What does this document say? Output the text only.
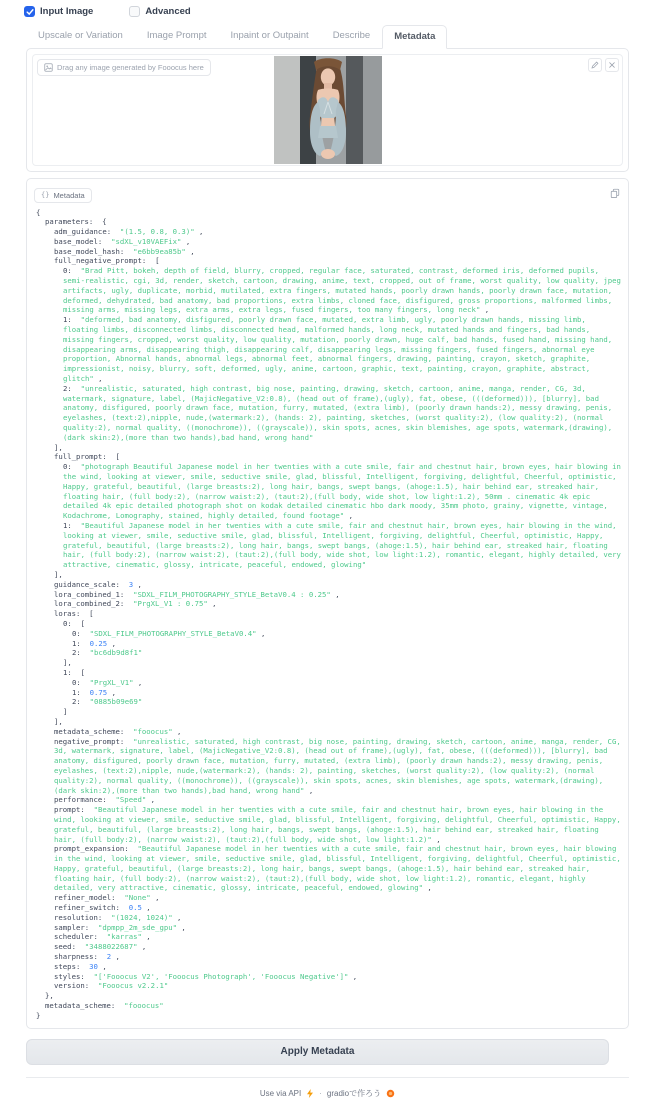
Input Image	Advanced
Upscale or Variation	Image Prompt	Inpaint or Outpaint	Describe	Metadata
Drag any image generated by Fooocus here
{} Metadata
{
parameters: {
adm_guidance: "(1.5, 0.8, 0.3)" ,
base_model: "sdXL_v10VAEFix" ,
base_model_hash: "e6bb9ea85b" ,
full_negative_prompt: [
0: "Brad Pitt, bokeh, depth of field, blurry, cropped, regular face, saturated, contrast, deformed iris, deformed pupils, semi-realistic, cgi, 3d, render, sketch, cartoon, drawing, anime, text, cropped, out of frame, worst quality, low quality, jpeg artifacts, ugly, duplicate, morbid, mutilated, extra fingers, mutated hands, poorly drawn hands, poorly drawn face, mutation, deformed, dehydrated, bad anatomy, bad proportions, extra limbs, cloned face, disfigured, gross proportions, malformed limbs, missing arms, missing legs, extra arms, extra legs, fused fingers, too many fingers, long neck" ,
1: "deformed, bad anatomy, disfigured, poorly drawn face, mutated, extra limb, ugly, poorly drawn hands, missing limb, floating limbs, disconnected limbs, disconnected head, malformed hands, long neck, mutated hands and fingers, bad hands, missing fingers, cropped, worst quality, low quality, mutation, poorly drawn, huge calf, bad hands, fused hand, missing hand, disappearing arms, disappearing thigh, disappearing calf, disappearing legs, missing fingers, fused fingers, abnormal eye proportion, Abnormal hands, abnormal legs, abnormal feet, abnormal fingers, drawing, painting, crayon, sketch, graphite, impressionist, noisy, blurry, soft, deformed, ugly, anime, cartoon, graphic, text, painting, crayon, graphite, abstract, glitch" ,
2: "unrealistic, saturated, high contrast, big nose, painting, drawing, sketch, cartoon, anime, manga, render, CG, 3d, watermark, signature, label, (MajicNegative_V2:0.8), (head out of frame),(ugly), fat, obese, (((deformed))), [blurry], bad anatomy, disfigured, poorly drawn face, mutation, furry, mutated, (extra limb), (poorly drawn hands:2), messy drawing, penis, eyelashes, (text:2),nipple, nude,(watermark:2), (hands: 2), painting, sketches, (worst quality:2), (low quality:2), (normal quality:2), normal quality, ((monochrome)), ((grayscale)), skin spots, acnes, skin blemishes, age spots, watermark,(drawing),(dark skin:2),(more than two hands),bad hand, wrong hand"
],
full_prompt: [
0: "photograph Beautiful Japanese model in her twenties with a cute smile, fair and chestnut hair, brown eyes, hair blowing in the wind, looking at viewer, smile, seductive smile, glad, blissful, Intelligent, forgiving, delightful, Cheerful, optimistic, Happy, grateful, beautiful, (large breasts:2), long hair, bangs, swept bangs, (ahoge:1.5), hair behind ear, streaked hair, floating hair, (full body:2), (narrow waist:2), (taut:2),(full body, wide shot, low light:1.2), 50mm . cinematic 4k epic detailed 4k epic detailed photograph shot on kodak detailed cinematic hbo dark moody, 35mm photo, grainy, vignette, vintage, Kodachrome, Lomography, stained, highly detailed, found footage" ,
1: "Beautiful Japanese model in her twenties with a cute smile, fair and chestnut hair, brown eyes, hair blowing in the wind, looking at viewer, smile, seductive smile, glad, blissful, Intelligent, forgiving, delightful, Cheerful, optimistic, Happy, grateful, beautiful, (large breasts:2), long hair, bangs, swept bangs, (ahoge:1.5), hair behind ear, streaked hair, floating hair, (full body:2), (narrow waist:2), (taut:2),(full body, wide shot, low light:1.2), romantic, elegant, highly detailed, very attractive, cinematic, glossy, intricate, peaceful, endowed, glowing"
],
guidance_scale: 3 ,
lora_combined_1: "SDXL_FILM_PHOTOGRAPHY_STYLE_BetaV0.4 : 0.25" ,
lora_combined_2: "PrgXL_V1 : 0.75" ,
loras: [
0: [
0: "SDXL_FILM_PHOTOGRAPHY_STYLE_BetaV0.4" ,
1: 0.25 ,
2: "bc6db9d8f1"
],
1: [
0: "PrgXL_V1" ,
1: 0.75 ,
2: "0885b09e69"
]
],
metadata_scheme: "fooocus" ,
negative_prompt: "unrealistic, saturated, high contrast, big nose, painting, drawing, sketch, cartoon, anime, manga, render, CG, 3d, watermark, signature, label, (MajicNegative_V2:0.8), (head out of frame),(ugly), fat, obese, (((deformed))), [blurry], bad anatomy, disfigured, poorly drawn face, mutation, furry, mutated, (extra limb), (poorly drawn hands:2), messy drawing, penis, eyelashes, (text:2),nipple, nude,(watermark:2), (hands: 2), painting, sketches, (worst quality:2), (low quality:2), (normal quality:2), normal quality, ((monochrome)), ((grayscale)), skin spots, acnes, skin blemishes, age spots, watermark,(drawing),(dark skin:2),(more than two hands),bad hand, wrong hand" ,
performance: "Speed" ,
prompt: "Beautiful Japanese model in her twenties with a cute smile, fair and chestnut hair, brown eyes, hair blowing in the wind, looking at viewer, smile, seductive smile, glad, blissful, Intelligent, forgiving, delightful, Cheerful, optimistic, Happy, grateful, beautiful, (large breasts:2), long hair, bangs, swept bangs, (ahoge:1.5), hair behind ear, streaked hair, floating hair, (full body:2), (narrow waist:2), (taut:2),(full body, wide shot, low light:1.2)" ,
prompt_expansion: "Beautiful Japanese model in her twenties with a cute smile, fair and chestnut hair, brown eyes, hair blowing in the wind, looking at viewer, smile, seductive smile, glad, blissful, Intelligent, forgiving, delightful, Cheerful, optimistic, Happy, grateful, beautiful, (large breasts:2), long hair, bangs, swept bangs, (ahoge:1.5), hair behind ear, streaked hair, floating hair, (full body:2), (narrow waist:2), (taut:2),(full body, wide shot, low light:1.2), romantic, elegant, highly detailed, very attractive, cinematic, glossy, intricate, peaceful, endowed, glowing" ,
refiner_model: "None" ,
refiner_switch: 0.5 ,
resolution: "(1024, 1024)" ,
sampler: "dpmpp_2m_sde_gpu" ,
scheduler: "karras" ,
seed: "3488022687" ,
sharpness: 2 ,
steps: 30 ,
styles: "['Fooocus V2', 'Fooocus Photograph', 'Fooocus Negative']" ,
version: "Fooocus v2.2.1"
},
metadata_scheme: "fooocus"
}
Apply Metadata
Use via API · gradioで作ろう
